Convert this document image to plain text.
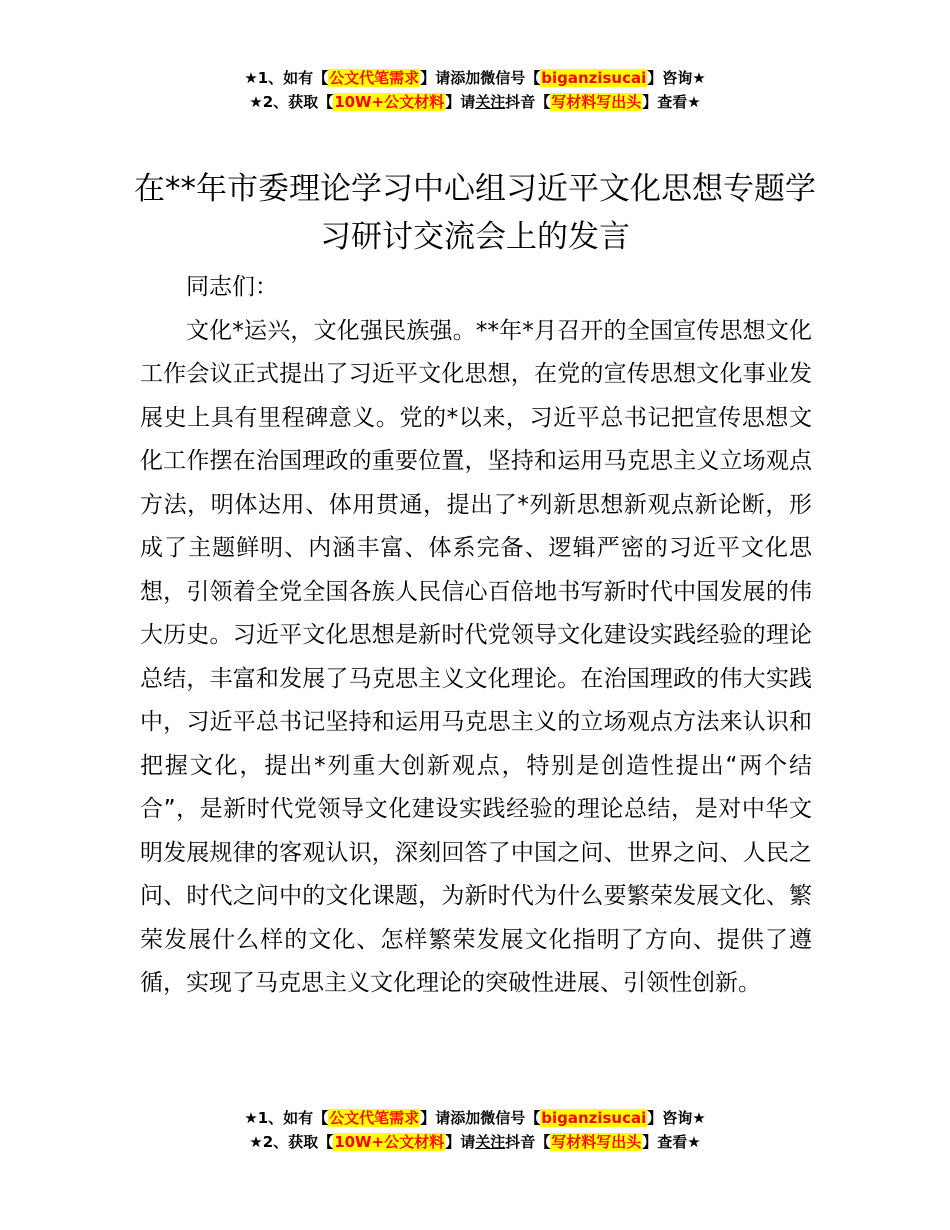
★1、如有【公文代笔需求】请添加微信号【biganzisucai】咨询★
★2、获取【10W+公文材料】请关注抖音【写材料写出头】查看★
在**年市委理论学习中心组习近平文化思想专题学习研讨交流会上的发言

同志们：

文化*运兴，文化强民族强。**年*月召开的全国宣传思想文化工作会议正式提出了习近平文化思想，在党的宣传思想文化事业发展史上具有里程碑意义。党的*以来，习近平总书记把宣传思想文化工作摆在治国理政的重要位置，坚持和运用马克思主义立场观点方法，明体达用、体用贯通，提出了*列新思想新观点新论断，形成了主题鲜明、内涵丰富、体系完备、逻辑严密的习近平文化思想，引领着全党全国各族人民信心百倍地书写新时代中国发展的伟大历史。习近平文化思想是新时代党领导文化建设实践经验的理论总结，丰富和发展了马克思主义文化理论。在治国理政的伟大实践中，习近平总书记坚持和运用马克思主义的立场观点方法来认识和把握文化，提出*列重大创新观点，特别是创造性提出“两个结合”，是新时代党领导文化建设实践经验的理论总结，是对中华文明发展规律的客观认识，深刻回答了中国之问、世界之问、人民之问、时代之问中的文化课题，为新时代为什么要繁荣发展文化、繁荣发展什么样的文化、怎样繁荣发展文化指明了方向、提供了遵循，实现了马克思主义文化理论的突破性进展、引领性创新。

★1、如有【公文代笔需求】请添加微信号【biganzisucai】咨询★
★2、获取【10W+公文材料】请关注抖音【写材料写出头】查看★
